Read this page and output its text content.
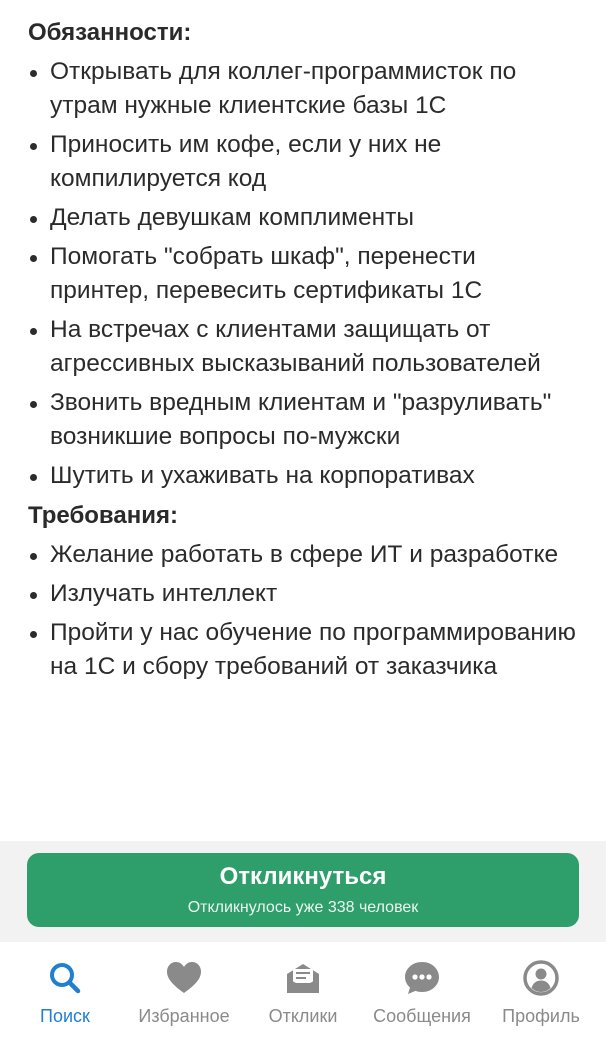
Обязанности:
Открывать для коллег-программисток по утрам нужные клиентские базы 1С
Приносить им кофе, если у них не компилируется код
Делать девушкам комплименты
Помогать "собрать шкаф", перенести принтер, перевесить сертификаты 1С
На встречах с клиентами защищать от агрессивных высказываний пользователей
Звонить вредным клиентам и "разруливать" возникшие вопросы по-мужски
Шутить и ухаживать на корпоративах
Требования:
Желание работать в сфере ИТ и разработке
Излучать интеллект
Пройти у нас обучение по программированию на 1С и сбору требований от заказчика
Откликнуться
Откликнулось уже 338 человек
Поиск	Избранное Отклики Сообщения Профиль
